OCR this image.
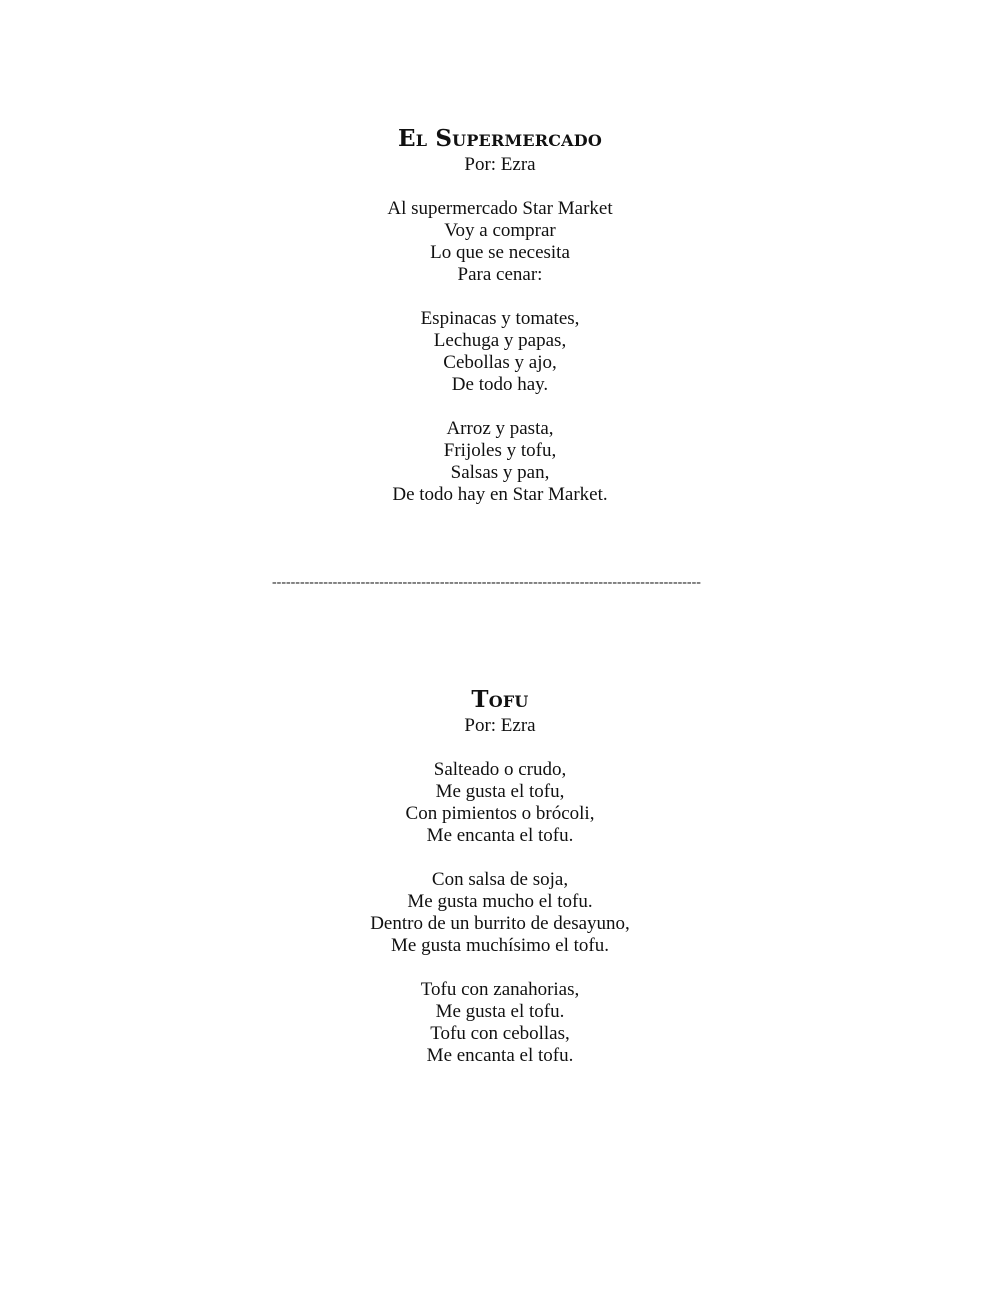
El Supermercado
Por: Ezra
Al supermercado Star Market
Voy a comprar
Lo que se necesita
Para cenar:
Espinacas y tomates,
Lechuga y papas,
Cebollas y ajo,
De todo hay.
Arroz y pasta,
Frijoles y tofu,
Salsas y pan,
De todo hay en Star Market.
--------------------------------------------------------------------------------------------
Tofu
Por: Ezra
Salteado o crudo,
Me gusta el tofu,
Con pimientos o brócoli,
Me encanta el tofu.
Con salsa de soja,
Me gusta mucho el tofu.
Dentro de un burrito de desayuno,
Me gusta muchísimo el tofu.
Tofu con zanahorias,
Me gusta el tofu.
Tofu con cebollas,
Me encanta el tofu.
